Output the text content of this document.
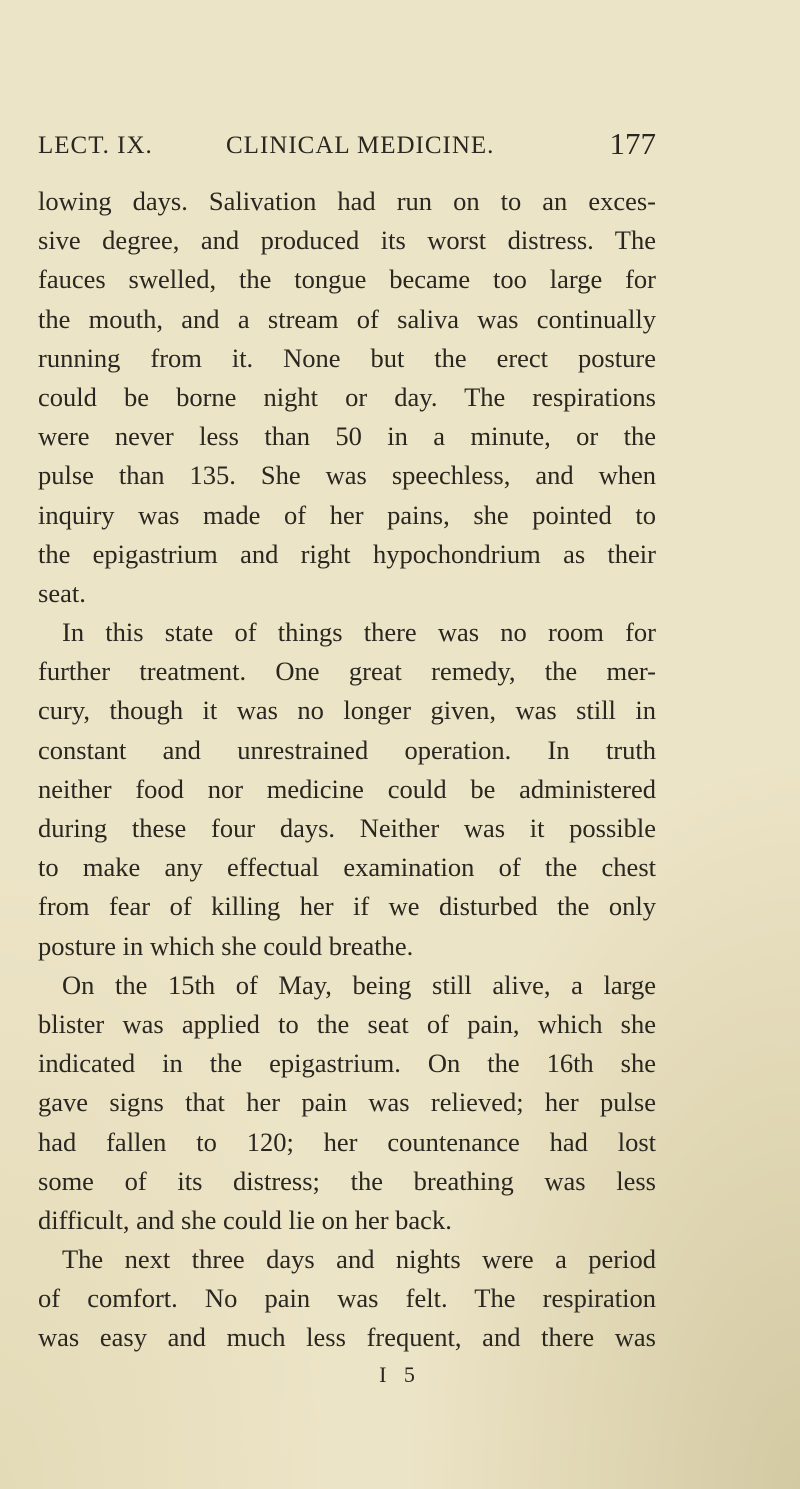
LECT. IX.	CLINICAL MEDICINE.	177
lowing days. Salivation had run on to an exces-
sive degree, and produced its worst distress. The
fauces swelled, the tongue became too large for
the mouth, and a stream of saliva was continually
running from it. None but the erect posture
could be borne night or day. The respirations
were never less than 50 in a minute, or the
pulse than 135. She was speechless, and when
inquiry was made of her pains, she pointed to
the epigastrium and right hypochondrium as their
seat.
In this state of things there was no room for
further treatment. One great remedy, the mer-
cury, though it was no longer given, was still in
constant and unrestrained operation. In truth
neither food nor medicine could be administered
during these four days. Neither was it possible
to make any effectual examination of the chest
from fear of killing her if we disturbed the only
posture in which she could breathe.
On the 15th of May, being still alive, a large
blister was applied to the seat of pain, which she
indicated in the epigastrium. On the 16th she
gave signs that her pain was relieved; her pulse
had fallen to 120; her countenance had lost
some of its distress; the breathing was less
difficult, and she could lie on her back.
The next three days and nights were a period
of comfort. No pain was felt. The respiration
was easy and much less frequent, and there was
I 5
